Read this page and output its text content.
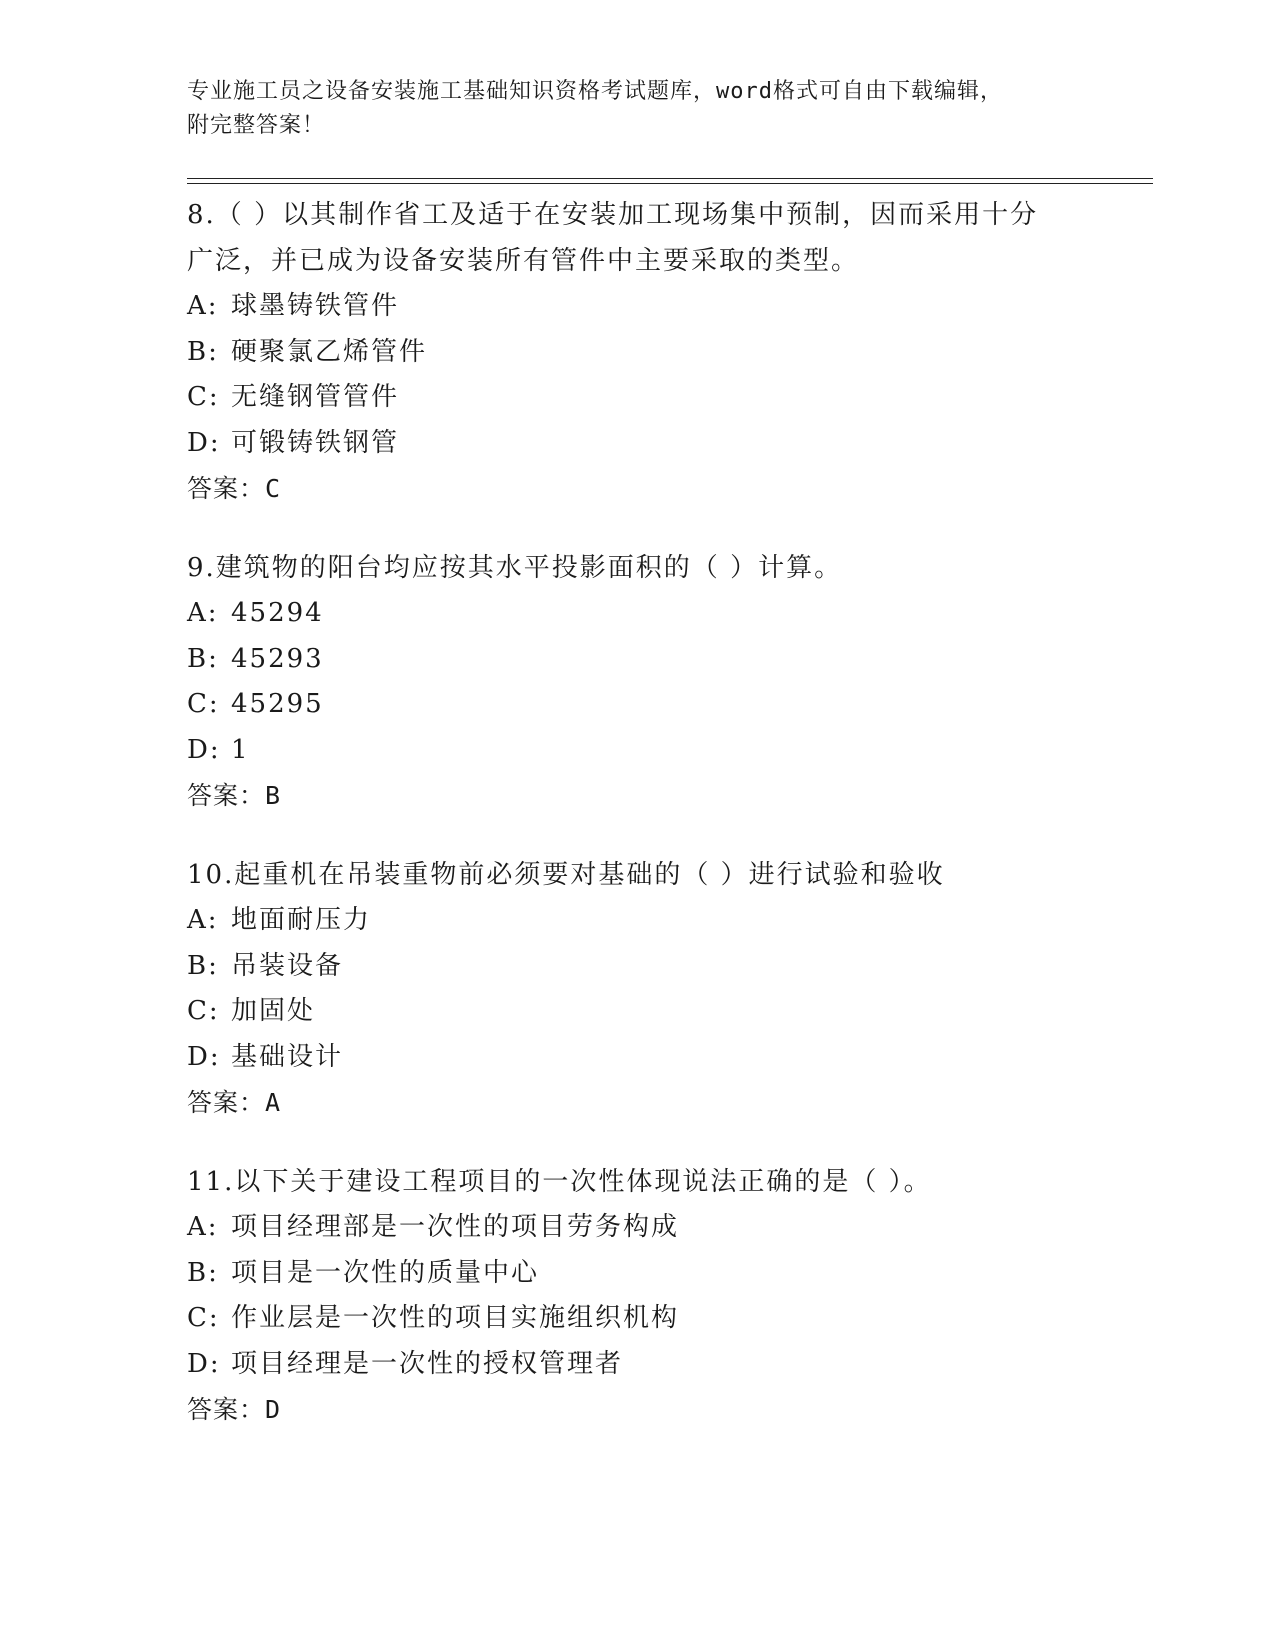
专业施工员之设备安装施工基础知识资格考试题库，word格式可自由下载编辑，
附完整答案！
8.（ ）以其制作省工及适于在安装加工现场集中预制，因而采用十分
广泛，并已成为设备安装所有管件中主要采取的类型。
A: 球墨铸铁管件
B: 硬聚氯乙烯管件
C: 无缝钢管管件
D: 可锻铸铁钢管
答案：C
9.建筑物的阳台均应按其水平投影面积的（ ）计算。
A: 45294
B: 45293
C: 45295
D: 1
答案：B
10.起重机在吊装重物前必须要对基础的（ ）进行试验和验收
A: 地面耐压力
B: 吊装设备
C: 加固处
D: 基础设计
答案：A
11.以下关于建设工程项目的一次性体现说法正确的是（ ）。
A: 项目经理部是一次性的项目劳务构成
B: 项目是一次性的质量中心
C: 作业层是一次性的项目实施组织机构
D: 项目经理是一次性的授权管理者
答案：D
